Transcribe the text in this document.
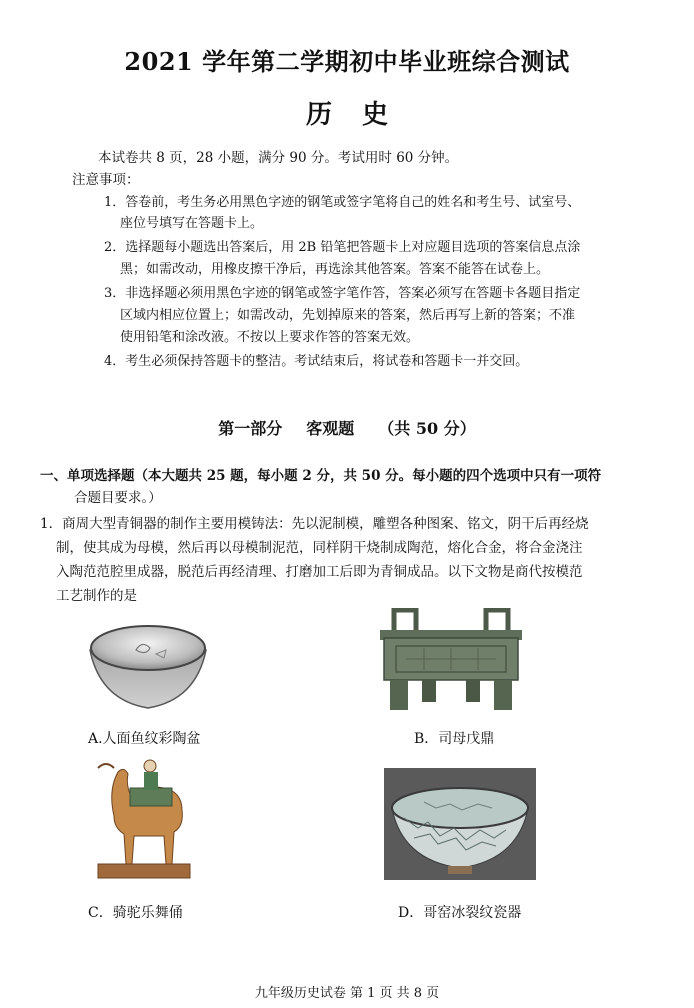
2021 学年第二学期初中毕业班综合测试
历史
本试卷共 8 页，28 小题，满分 90 分。考试用时 60 分钟。
注意事项：
1．答卷前，考生务必用黑色字迹的钢笔或签字笔将自己的姓名和考生号、试室号、
座位号填写在答题卡上。
2．选择题每小题选出答案后，用 2B 铅笔把答题卡上对应题目选项的答案信息点涂
黑；如需改动，用橡皮擦干净后，再选涂其他答案。答案不能答在试卷上。
3．非选择题必须用黑色字迹的钢笔或签字笔作答，答案必须写在答题卡各题目指定
区域内相应位置上；如需改动，先划掉原来的答案，然后再写上新的答案；不准
使用铅笔和涂改液。不按以上要求作答的答案无效。
4．考生必须保持答题卡的整洁。考试结束后，将试卷和答题卡一并交回。
第一部分 客观题 （共 50 分）
一、单项选择题（本大题共 25 题，每小题 2 分，共 50 分。每小题的四个选项中只有一项符
合题目要求。）
1．商周大型青铜器的制作主要用模铸法：先以泥制模，雕塑各种图案、铭文，阴干后再经烧
制，使其成为母模，然后再以母模制泥范，同样阴干烧制成陶范，熔化合金，将合金浇注
入陶范范腔里成器，脱范后再经清理、打磨加工后即为青铜成品。以下文物是商代按模范
工艺制作的是
A.人面鱼纹彩陶盆	B．司母戊鼎
C．骑驼乐舞俑	D．哥窑冰裂纹瓷器
九年级历史试卷 第 1 页 共 8 页
